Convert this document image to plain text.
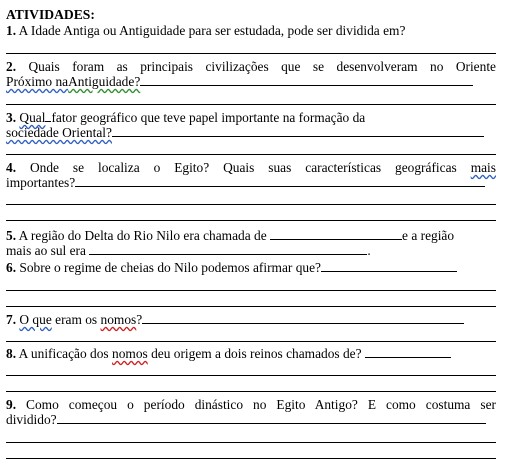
ATIVIDADES:
1. A Idade Antiga ou Antiguidade para ser estudada, pode ser dividida em?
2. Quais foram as principais civilizações que se desenvolveram no Oriente
Próximo naAntiguidade?
3. Qual fator geográfico que teve papel importante na formação da
sociedade Oriental?
4. Onde se localiza o Egito? Quais suas características geográficas mais
importantes?
5. A região do Delta do Rio Nilo era chamada de	e a região
mais ao sul era	.
6. Sobre o regime de cheias do Nilo podemos afirmar que?
7. O que eram os nomos?
8. A unificação dos nomos deu origem a dois reinos chamados de?
9. Como começou o período dinástico no Egito Antigo? E como costuma ser
dividido?
